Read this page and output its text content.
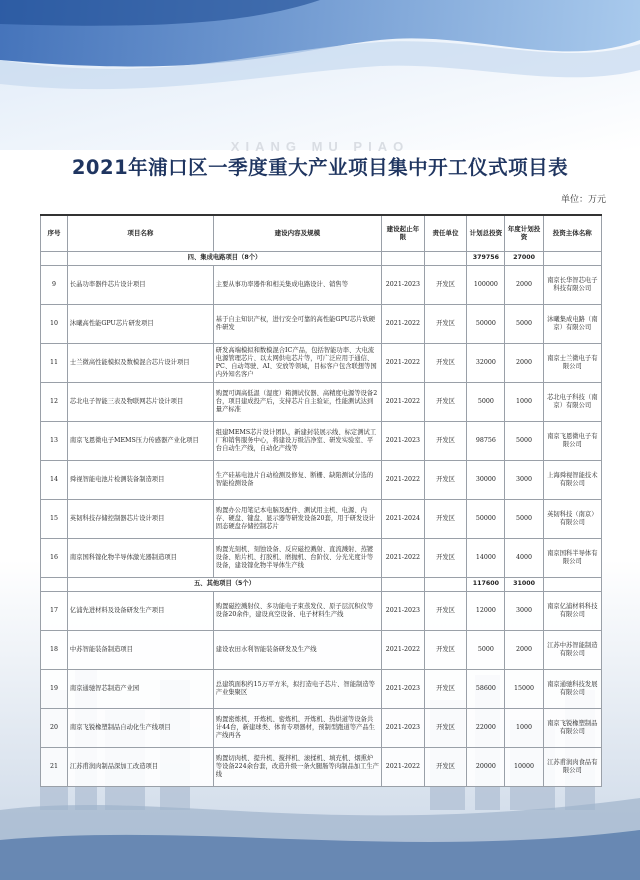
XIANG MU PIAO
2021年浦口区一季度重大产业项目集中开工仪式项目表
单位：万元
序号	项目名称	建设内容及规模	建设起止年限	责任单位	计划总投资	年度计划投资	投资主体名称
	四、集成电路项目（8个）				379756	27000	
9	长晶功率器件芯片设计项目	主要从事功率器件和相关集成电路设计、销售等	2021-2023	开发区	100000	2000	南京长华智芯电子科技有限公司
10	沐曦高性能GPU芯片研发项目	基于自主知识产权，进行安全可靠的高性能GPU芯片软硬件研发	2021-2022	开发区	50000	5000	沐曦集成电路（南京）有限公司
11	士兰微高性能模拟及数模混合芯片设计项目	研发高端模拟和数模混合IC产品，包括智能功率、大电流电源管理芯片、以太网供电芯片等，可广泛应用于通信、PC、自动驾驶、AI、安放等领域，目标客户包含联想等国内外知名客户	2021-2022	开发区	32000	2000	南京士兰微电子有限公司
12	芯北电子智能三表及物联网芯片设计项目	购置可调高低温（湿度）箱测试仪器、高精度电源等设备2台，项目建成投产后，支持芯片自主验证，性能测试达到量产标准	2021-2022	开发区	5000	1000	芯北电子科技（南京）有限公司
13	南京飞恩微电子MEMS压力传感器产业化项目	组建MEMS芯片设计团队，新建封装展示线、标定测试工厂和销售服务中心，将建设万级洁净室、研发实验室、平台自动生产线，自动化产线等	2021-2023	开发区	98756	5000	南京飞恩微电子有限公司
14	舜视智能电池片检测装备制造项目	生产硅基电池片自动检测及修复、断栅、缺陷测试分选的智能检测设备	2021-2022	开发区	30000	3000	上海舜视智能技术有限公司
15	英韧科技存储控制器芯片设计项目	购置办公用笔记本电脑及配件、测试用主机、电源、内存、硬盘、键盘、显示器等研发设备20套，用于研发设计固态硬盘存储控制芯片	2021-2024	开发区	50000	5000	英韧科技（南京）有限公司
16	南京国科镓化物半导体激光器制造项目	购置光刻机、刻蚀设备、反应磁控溅射、直流溅射、蒸镀设备、贴片机、打胶机、磨抛机、台阶仪、分光光度计等设备，建设镓化物半导体生产线	2021-2022	开发区	14000	4000	南京国科半导体有限公司
	五、其他项目（5个）				117600	31000	
17	亿浦先进材料及设备研发生产项目	购置磁控溅射仪、多功能电子束蒸发仪、原子层沉积仪等设备20余件，建设真空设备、电子材料生产线	2021-2023	开发区	12000	3000	南京亿浦材料科技有限公司
18	中苏智能装备制造项目	建设农田水利智能装备研发及生产线	2021-2022	开发区	5000	2000	江苏中苏智能制造有限公司
19	南京通驰智芯制造产业园	总建筑面积约15万平方米，拟打造电子芯片、智能制造等产业集聚区	2021-2023	开发区	58600	15000	南京通驰科技发展有限公司
20	南京飞锐橡塑制品自动化生产线项目	购置密炼机、开炼机、密炼机、开炼机、热烘道等设备共计44台，新建球类、体育专项器材，预制型跑道等产品生产线再各	2021-2023	开发区	22000	1000	南京飞锐橡塑制品有限公司
21	江苏甫润肉制品深加工改造项目	购置切肉机、提升机、搅拌机、滚揉机、填充机、烟熏炉等设备224余台套，改造升级一条火腿肠等肉制品加工生产线	2021-2022	开发区	20000	10000	江苏甫润肉食品有限公司
